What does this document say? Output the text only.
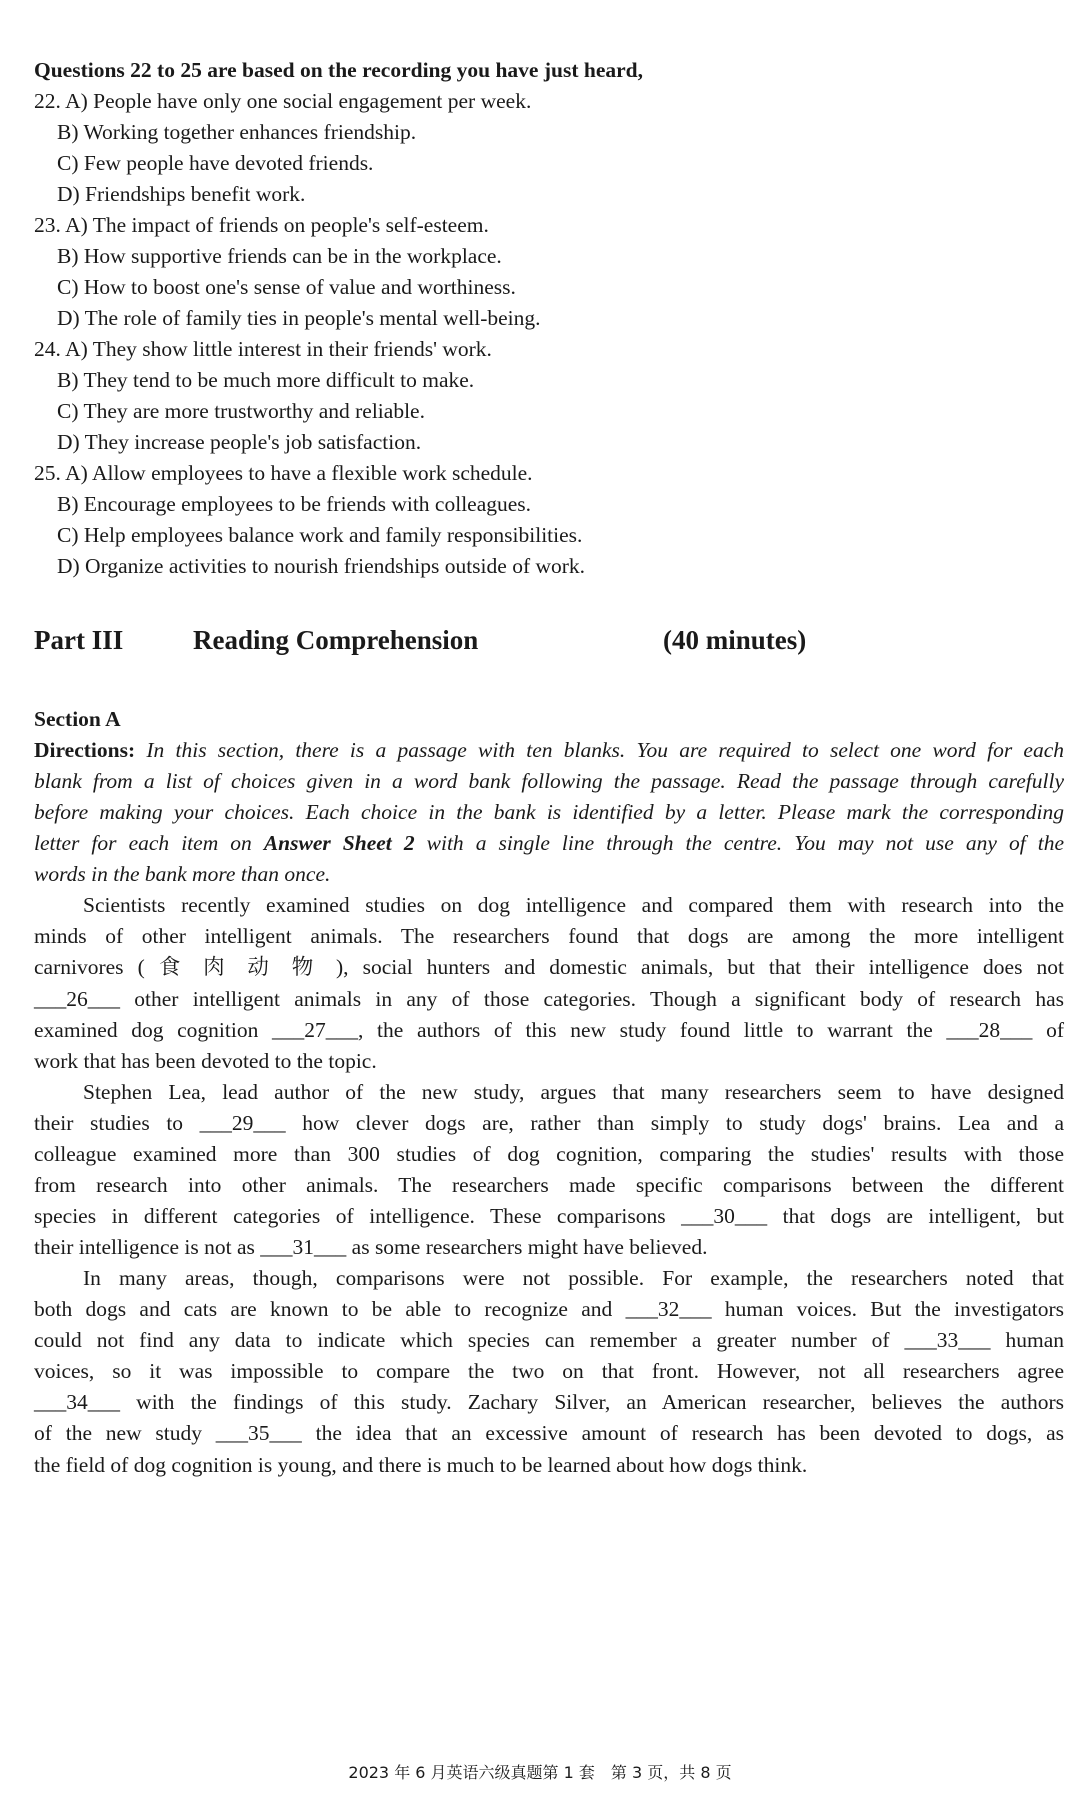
Questions 22 to 25 are based on the recording you have just heard,
22. A) People have only one social engagement per week.
B) Working together enhances friendship.
C) Few people have devoted friends.
D) Friendships benefit work.
23. A) The impact of friends on people's self-esteem.
B) How supportive friends can be in the workplace.
C) How to boost one's sense of value and worthiness.
D) The role of family ties in people's mental well-being.
24. A) They show little interest in their friends' work.
B) They tend to be much more difficult to make.
C) They are more trustworthy and reliable.
D) They increase people's job satisfaction.
25. A) Allow employees to have a flexible work schedule.
B) Encourage employees to be friends with colleagues.
C) Help employees balance work and family responsibilities.
D) Organize activities to nourish friendships outside of work.
Part III	Reading Comprehension	(40 minutes)
Section A
Directions: In this section, there is a passage with ten blanks. You are required to select one word for each
blank from a list of choices given in a word bank following the passage. Read the passage through carefully
before making your choices. Each choice in the bank is identified by a letter. Please mark the corresponding
letter for each item on Answer Sheet 2 with a single line through the centre. You may not use any of the
words in the bank more than once.
Scientists recently examined studies on dog intelligence and compared them with research into the
minds of other intelligent animals. The researchers found that dogs are among the more intelligent
carnivores ( 食 肉 动 物 ), social hunters and domestic animals, but that their intelligence does not
___26___ other intelligent animals in any of those categories. Though a significant body of research has
examined dog cognition ___27___, the authors of this new study found little to warrant the ___28___ of
work that has been devoted to the topic.
Stephen Lea, lead author of the new study, argues that many researchers seem to have designed
their studies to ___29___ how clever dogs are, rather than simply to study dogs' brains. Lea and a
colleague examined more than 300 studies of dog cognition, comparing the studies' results with those
from research into other animals. The researchers made specific comparisons between the different
species in different categories of intelligence. These comparisons ___30___ that dogs are intelligent, but
their intelligence is not as ___31___ as some researchers might have believed.
In many areas, though, comparisons were not possible. For example, the researchers noted that
both dogs and cats are known to be able to recognize and ___32___ human voices. But the investigators
could not find any data to indicate which species can remember a greater number of ___33___ human
voices, so it was impossible to compare the two on that front. However, not all researchers agree
___34___ with the findings of this study. Zachary Silver, an American researcher, believes the authors
of the new study ___35___ the idea that an excessive amount of research has been devoted to dogs, as
the field of dog cognition is young, and there is much to be learned about how dogs think.
2023 年 6 月英语六级真题第 1 套　第 3 页，共 8 页
